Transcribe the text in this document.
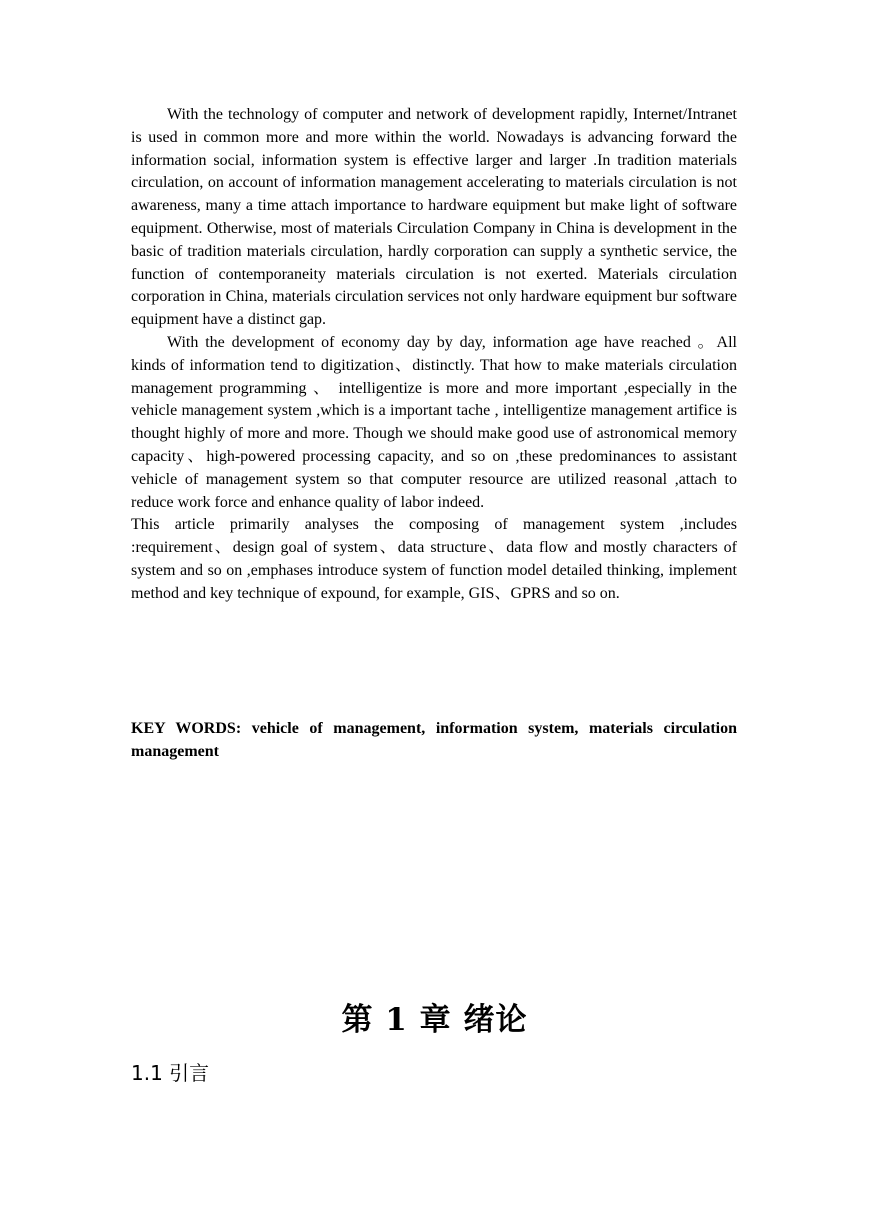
With the technology of computer and network of development rapidly, Internet/Intranet is used in common more and more within the world. Nowadays is advancing forward the information social, information system is effective larger and larger .In tradition materials circulation, on account of information management accelerating to materials circulation is not awareness, many a time attach importance to hardware equipment but make light of software equipment. Otherwise, most of materials Circulation Company in China is development in the basic of tradition materials circulation, hardly corporation can supply a synthetic service, the function of contemporaneity materials circulation is not exerted. Materials circulation corporation in China, materials circulation services not only hardware equipment bur software equipment have a distinct gap.

With the development of economy day by day, information age have reached 。All kinds of information tend to digitization、distinctly. That how to make materials circulation management programming 、 intelligentize is more and more important ,especially in the vehicle management system ,which is a important tache , intelligentize management artifice is thought highly of more and more. Though we should make good use of astronomical memory capacity、high-powered processing capacity, and so on ,these predominances to assistant vehicle of management system so that computer resource are utilized reasonal ,attach to reduce work force and enhance quality of labor indeed.

This article primarily analyses the composing of management system ,includes :requirement、design goal of system、data structure、data flow and mostly characters of system and so on ,emphases introduce system of function model detailed thinking, implement method and key technique of expound, for example, GIS、GPRS and so on.

KEY WORDS: vehicle of management, information system, materials circulation management

第 1 章 绪论
1.1 引言
